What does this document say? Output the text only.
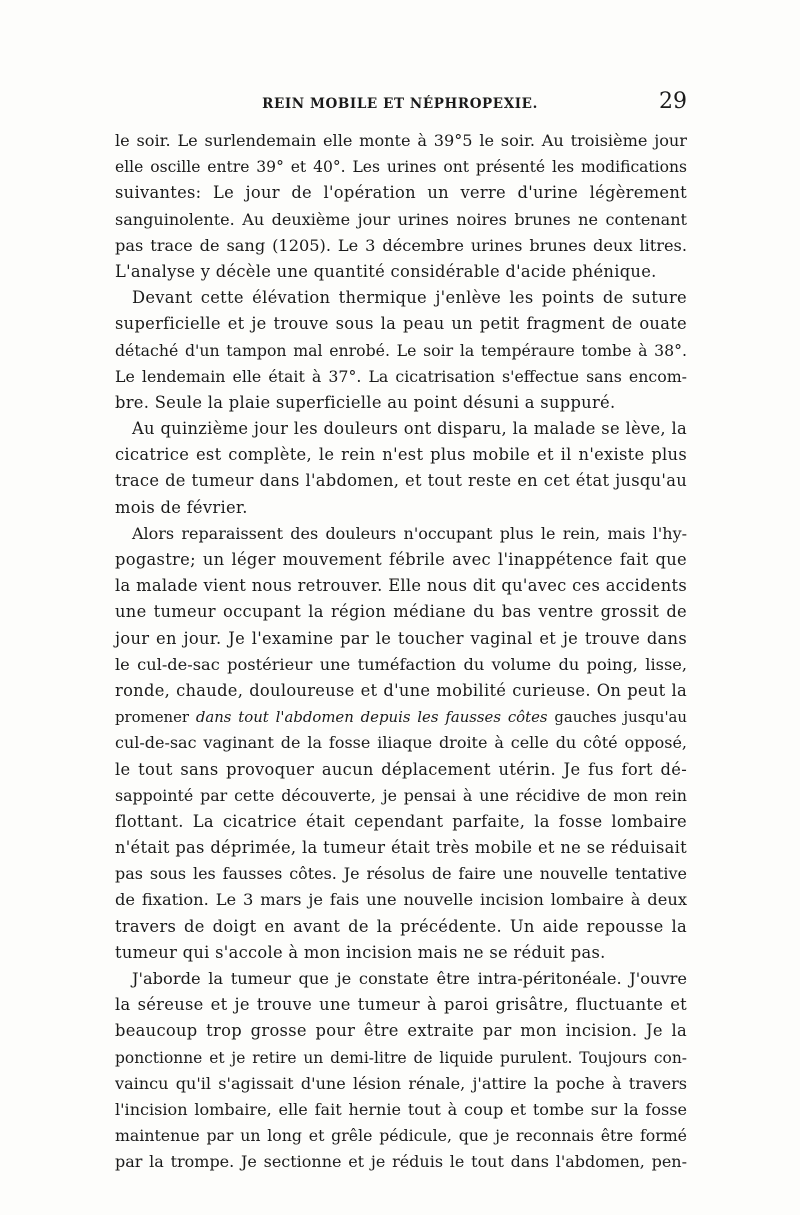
REIN MOBILE ET NÉPHROPEXIE.	29
le soir. Le surlendemain elle monte à 39°5 le soir. Au troisième jour
elle oscille entre 39° et 40°. Les urines ont présenté les modifications
suivantes: Le jour de l'opération un verre d'urine légèrement
sanguinolente. Au deuxième jour urines noires brunes ne contenant
pas trace de sang (1205). Le 3 décembre urines brunes deux litres.
L'analyse y décèle une quantité considérable d'acide phénique.
Devant cette élévation thermique j'enlève les points de suture
superficielle et je trouve sous la peau un petit fragment de ouate
détaché d'un tampon mal enrobé. Le soir la tempéraure tombe à 38°.
Le lendemain elle était à 37°. La cicatrisation s'effectue sans encom-
bre. Seule la plaie superficielle au point désuni a suppuré.
Au quinzième jour les douleurs ont disparu, la malade se lève, la
cicatrice est complète, le rein n'est plus mobile et il n'existe plus
trace de tumeur dans l'abdomen, et tout reste en cet état jusqu'au
mois de février.
Alors reparaissent des douleurs n'occupant plus le rein, mais l'hy-
pogastre; un léger mouvement fébrile avec l'inappétence fait que
la malade vient nous retrouver. Elle nous dit qu'avec ces accidents
une tumeur occupant la région médiane du bas ventre grossit de
jour en jour. Je l'examine par le toucher vaginal et je trouve dans
le cul-de-sac postérieur une tuméfaction du volume du poing, lisse,
ronde, chaude, douloureuse et d'une mobilité curieuse. On peut la
promener dans tout l'abdomen depuis les fausses côtes gauches jusqu'au
cul-de-sac vaginant de la fosse iliaque droite à celle du côté opposé,
le tout sans provoquer aucun déplacement utérin. Je fus fort dé-
sappointé par cette découverte, je pensai à une récidive de mon rein
flottant. La cicatrice était cependant parfaite, la fosse lombaire
n'était pas déprimée, la tumeur était très mobile et ne se réduisait
pas sous les fausses côtes. Je résolus de faire une nouvelle tentative
de fixation. Le 3 mars je fais une nouvelle incision lombaire à deux
travers de doigt en avant de la précédente. Un aide repousse la
tumeur qui s'accole à mon incision mais ne se réduit pas.
J'aborde la tumeur que je constate être intra-péritonéale. J'ouvre
la séreuse et je trouve une tumeur à paroi grisâtre, fluctuante et
beaucoup trop grosse pour être extraite par mon incision. Je la
ponctionne et je retire un demi-litre de liquide purulent. Toujours con-
vaincu qu'il s'agissait d'une lésion rénale, j'attire la poche à travers
l'incision lombaire, elle fait hernie tout à coup et tombe sur la fosse
maintenue par un long et grêle pédicule, que je reconnais être formé
par la trompe. Je sectionne et je réduis le tout dans l'abdomen, pen-
